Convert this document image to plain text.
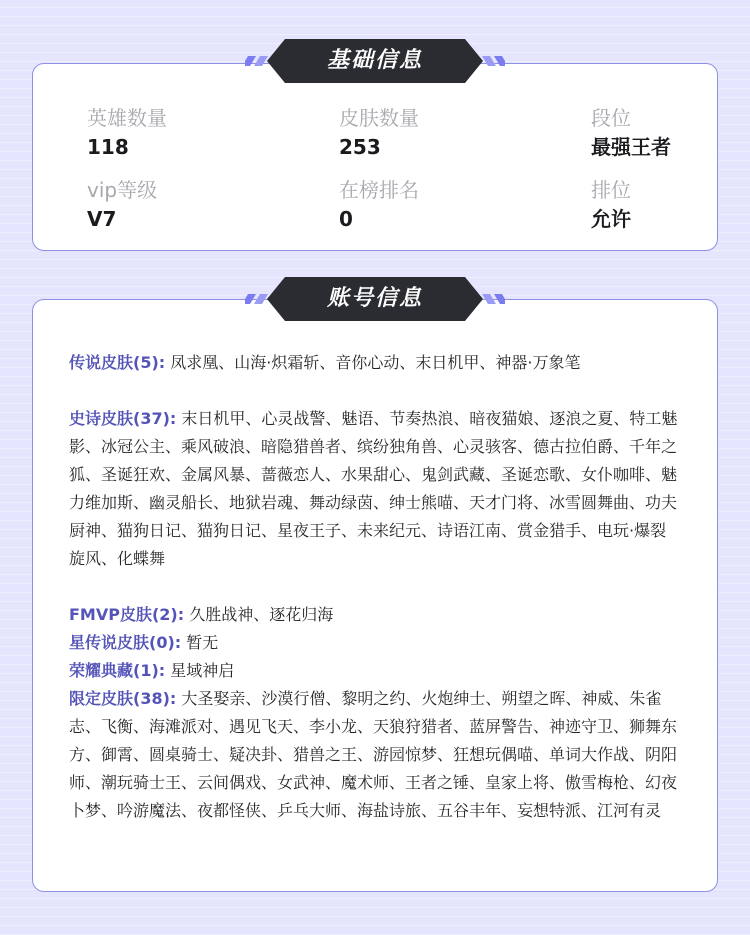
英雄数量
118
皮肤数量
253
段位
最强王者
vip等级
V7
在榜排名
0
排位
允许
基础信息

传说皮肤(5): 凤求凰、山海·炽霜斩、音你心动、末日机甲、神器·万象笔

史诗皮肤(37): 末日机甲、心灵战警、魅语、节奏热浪、暗夜猫娘、逐浪之夏、特工魅影、冰冠公主、乘风破浪、暗隐猎兽者、缤纷独角兽、心灵骇客、德古拉伯爵、千年之狐、圣诞狂欢、金属风暴、蔷薇恋人、水果甜心、鬼剑武藏、圣诞恋歌、女仆咖啡、魅力维加斯、幽灵船长、地狱岩魂、舞动绿茵、绅士熊喵、天才门将、冰雪圆舞曲、功夫厨神、猫狗日记、猫狗日记、星夜王子、未来纪元、诗语江南、赏金猎手、电玩·爆裂旋风、化蝶舞

FMVP皮肤(2): 久胜战神、逐花归海

星传说皮肤(0): 暂无

荣耀典藏(1): 星域神启

限定皮肤(38): 大圣娶亲、沙漠行僧、黎明之约、火炮绅士、朔望之晖、神威、朱雀志、飞衡、海滩派对、遇见飞天、李小龙、天狼狩猎者、蓝屏警告、神迹守卫、狮舞东方、御霄、圆桌骑士、疑决卦、猎兽之王、游园惊梦、狂想玩偶喵、单词大作战、阴阳师、潮玩骑士王、云间偶戏、女武神、魔术师、王者之锤、皇家上将、傲雪梅枪、幻夜卜梦、吟游魔法、夜都怪侠、乒乓大师、海盐诗旅、五谷丰年、妄想特派、江河有灵

账号信息
